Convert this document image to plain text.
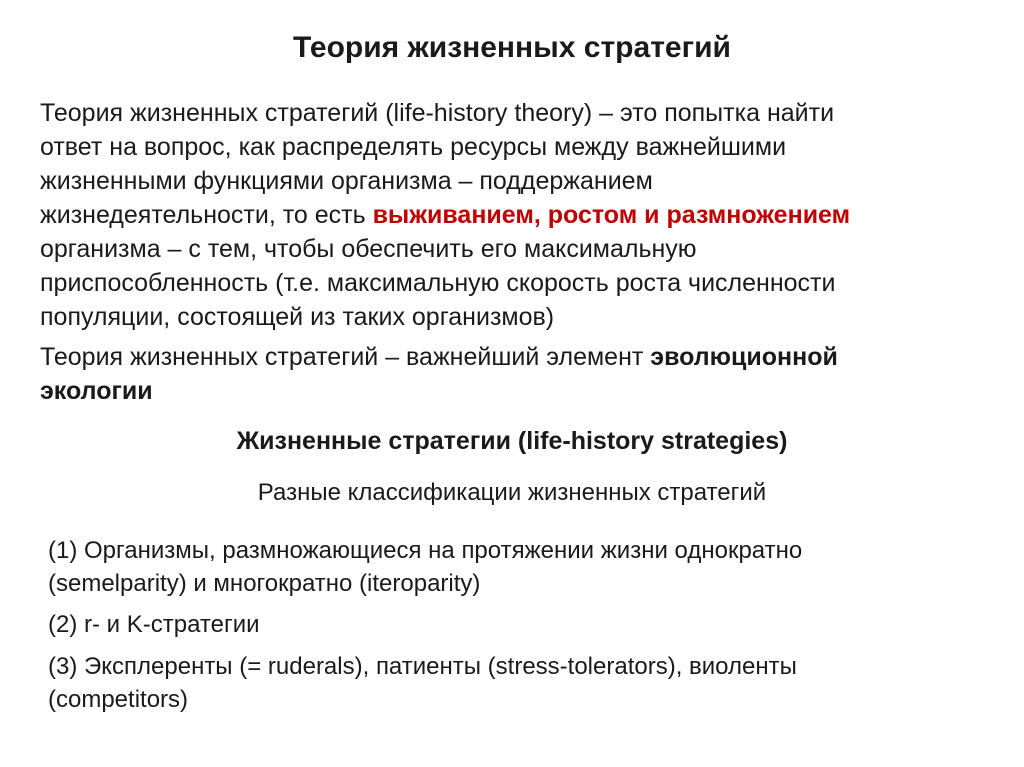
Теория жизненных стратегий
Теория жизненных стратегий (life-history theory) – это попытка найти
ответ на вопрос, как распределять ресурсы между важнейшими
жизненными функциями организма – поддержанием
жизнедеятельности, то есть выживанием, ростом и размножением
организма – с тем, чтобы обеспечить его максимальную
приспособленность (т.е. максимальную скорость роста численности
популяции, состоящей из таких организмов)
Теория жизненных стратегий – важнейший элемент эволюционной
экологии
Жизненные стратегии (life-history strategies)
Разные классификации жизненных стратегий
(1) Организмы, размножающиеся на протяжении жизни однократно
(semelparity) и многократно (iteroparity)
(2) r- и K-стратегии
(3) Эксплеренты (= ruderals), патиенты (stress-tolerators), виоленты
(competitors)
